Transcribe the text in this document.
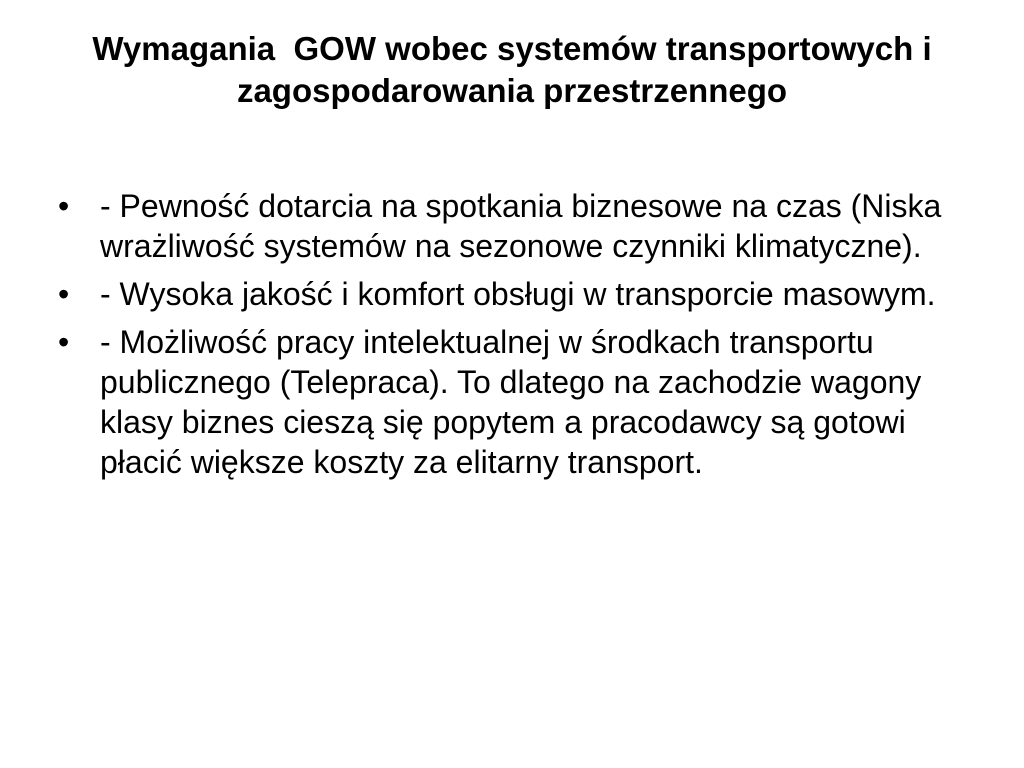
Wymagania  GOW wobec systemów transportowych i zagospodarowania przestrzennego
• - Pewność dotarcia na spotkania biznesowe na czas (Niska wrażliwość systemów na sezonowe czynniki klimatyczne).
• - Wysoka jakość i komfort obsługi w transporcie masowym.
• - Możliwość pracy intelektualnej w środkach transportu publicznego (Telepraca). To dlatego na zachodzie wagony klasy biznes cieszą się popytem a pracodawcy są gotowi płacić większe koszty za elitarny transport.
